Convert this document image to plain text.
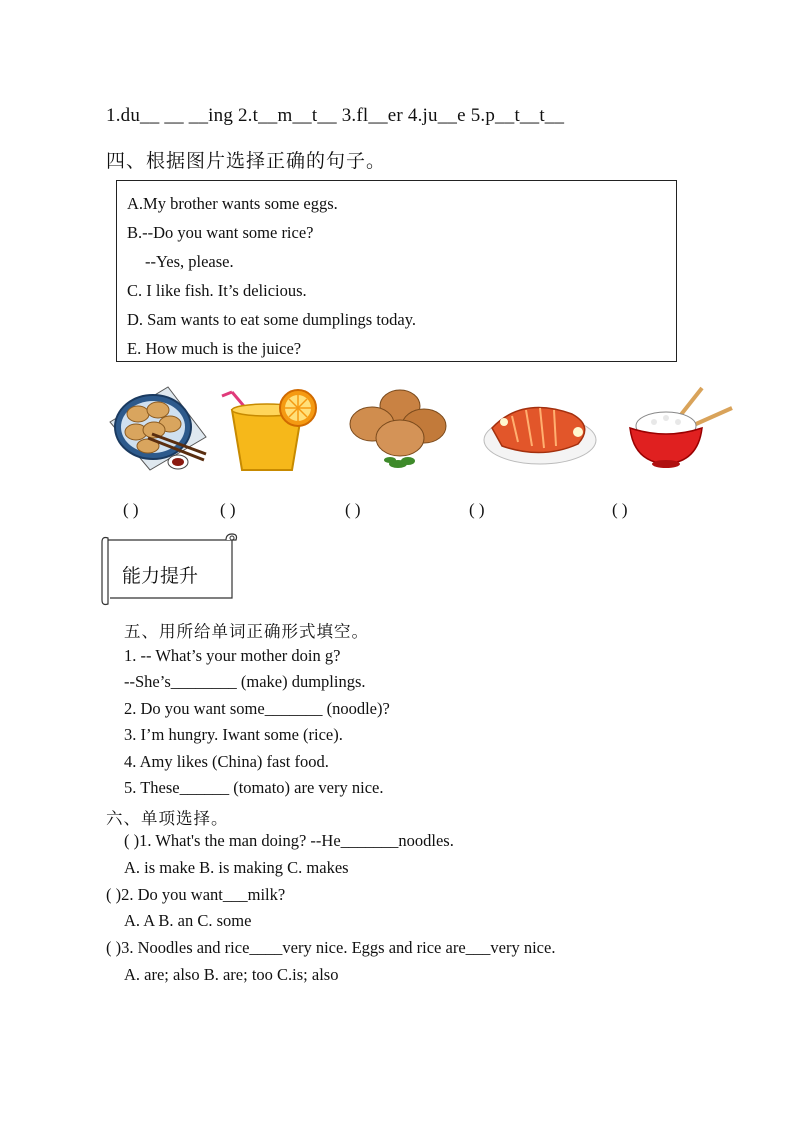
1.du__ __ __ing 2.t__m__t__ 3.fl__er 4.ju__e 5.p__t__t__
四、根据图片选择正确的句子。
A.My brother wants some eggs.
B.--Do you want some rice?
--Yes, please.
C. I like fish. It’s delicious.
D. Sam wants to eat some dumplings today.
E. How much is the juice?
( )	( )	( )	( )	( )
能力提升
五、用所给单词正确形式填空。
1. -- What’s your mother doin g?
--She’s________ (make) dumplings.
2. Do you want some_______ (noodle)?
3. I’m hungry. Iwant some (rice).
4. Amy likes (China) fast food.
5. These______ (tomato) are very nice.
六、单项选择。
( )1. What's the man doing? --He_______noodles.
A. is make B. is making C. makes
( )2. Do you want___milk?
A. A B. an C. some
( )3. Noodles and rice____very nice. Eggs and rice are___very nice.
A. are; also B. are; too C.is; also
